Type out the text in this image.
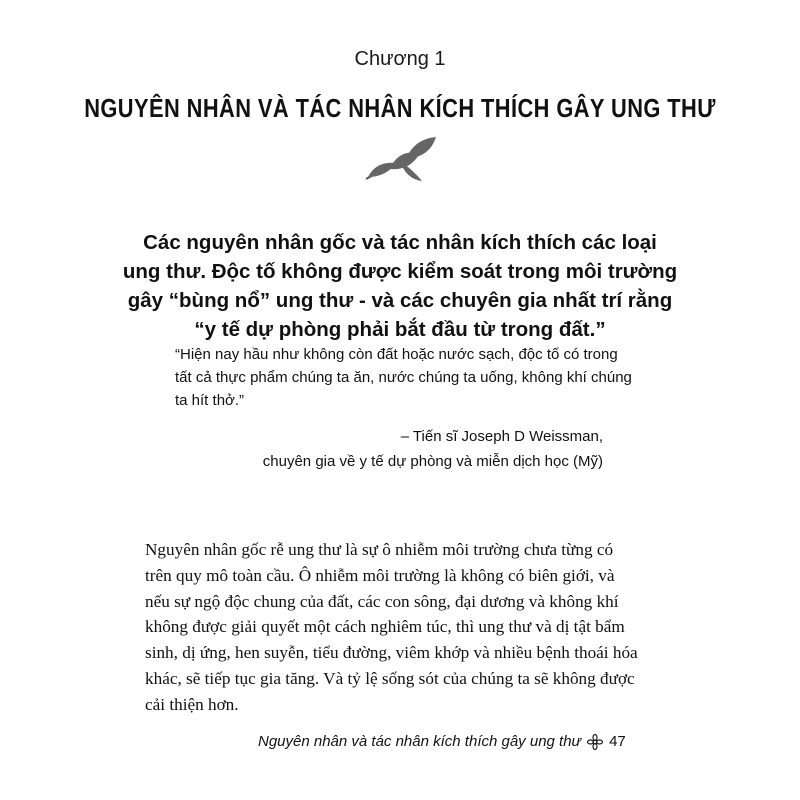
Chương 1
NGUYÊN NHÂN VÀ TÁC NHÂN KÍCH THÍCH GÂY UNG THƯ
Các nguyên nhân gốc và tác nhân kích thích các loại
ung thư. Độc tố không được kiểm soát trong môi trường
gây “bùng nổ” ung thư - và các chuyên gia nhất trí rằng
“y tế dự phòng phải bắt đầu từ trong đất.”
“Hiện nay hầu như không còn đất hoặc nước sạch, độc tố có trong
tất cả thực phẩm chúng ta ăn, nước chúng ta uống, không khí chúng
ta hít thở.”
– Tiến sĩ Joseph D Weissman,
chuyên gia về y tế dự phòng và miễn dịch học (Mỹ)
Nguyên nhân gốc rễ ung thư là sự ô nhiễm môi trường chưa từng có
trên quy mô toàn cầu. Ô nhiễm môi trường là không có biên giới, và
nếu sự ngộ độc chung của đất, các con sông, đại dương và không khí
không được giải quyết một cách nghiêm túc, thì ung thư và dị tật bẩm
sinh, dị ứng, hen suyễn, tiểu đường, viêm khớp và nhiều bệnh thoái hóa
khác, sẽ tiếp tục gia tăng. Và tỷ lệ sống sót của chúng ta sẽ không được
cải thiện hơn.
Nguyên nhân và tác nhân kích thích gây ung thư 47
